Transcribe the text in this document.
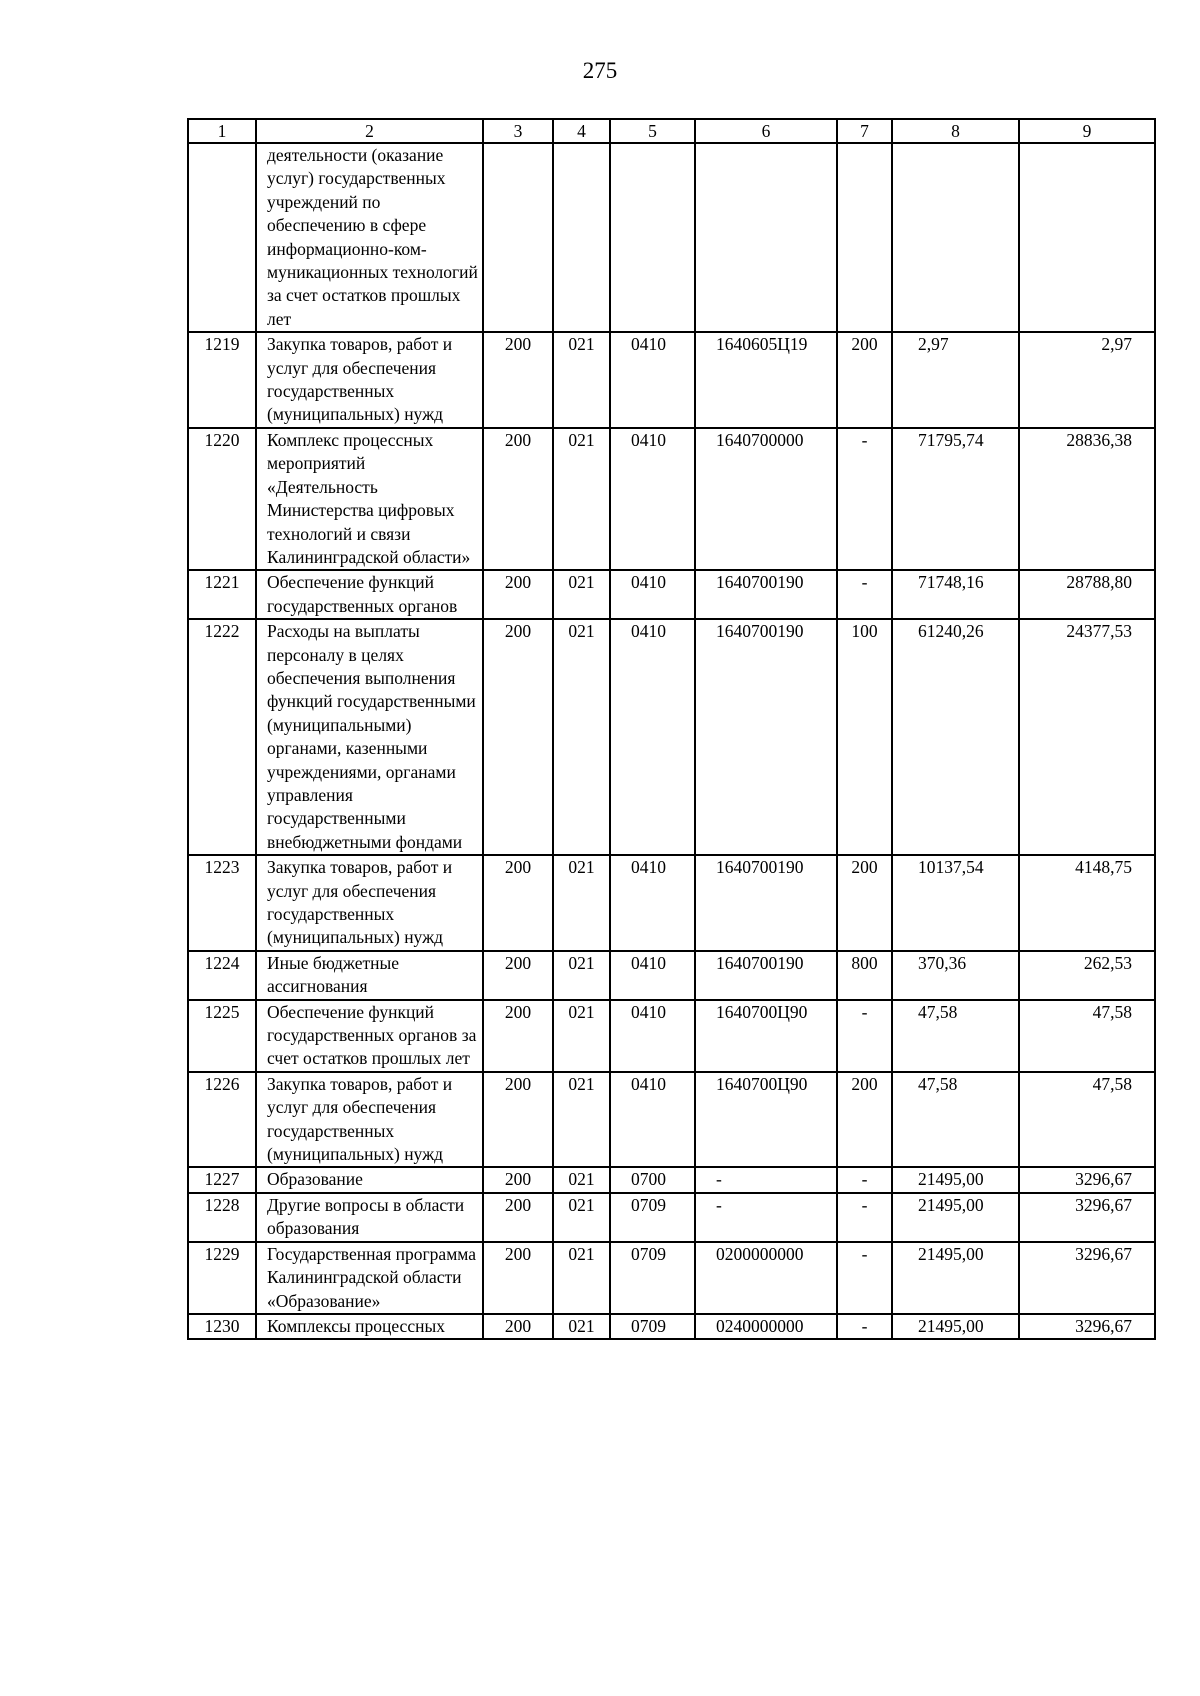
275
1	2	3	4	5	6	7	8	9
	деятельности (оказание услуг) государственных учреждений по обеспечению в сфере информационно-ком-муникационных технологий за счет остатков прошлых лет							
1219	Закупка товаров, работ и услуг для обеспечения государственных (муниципальных) нужд	200	021	0410	1640605Ц19	200	2,97	2,97
1220	Комплекс процессных мероприятий «Деятельность Министерства цифровых технологий и связи Калининградской области»	200	021	0410	1640700000	-	71795,74	28836,38
1221	Обеспечение функций государственных органов	200	021	0410	1640700190	-	71748,16	28788,80
1222	Расходы на выплаты персоналу в целях обеспечения выполнения функций государственными (муниципальными) органами, казенными учреждениями, органами управления государственными внебюджетными фондами	200	021	0410	1640700190	100	61240,26	24377,53
1223	Закупка товаров, работ и услуг для обеспечения государственных (муниципальных) нужд	200	021	0410	1640700190	200	10137,54	4148,75
1224	Иные бюджетные ассигнования	200	021	0410	1640700190	800	370,36	262,53
1225	Обеспечение функций государственных органов за счет остатков прошлых лет	200	021	0410	1640700Ц90	-	47,58	47,58
1226	Закупка товаров, работ и услуг для обеспечения государственных (муниципальных) нужд	200	021	0410	1640700Ц90	200	47,58	47,58
1227	Образование	200	021	0700	-	-	21495,00	3296,67
1228	Другие вопросы в области образования	200	021	0709	-	-	21495,00	3296,67
1229	Государственная программа Калининградской области «Образование»	200	021	0709	0200000000	-	21495,00	3296,67
1230	Комплексы процессных	200	021	0709	0240000000	-	21495,00	3296,67
